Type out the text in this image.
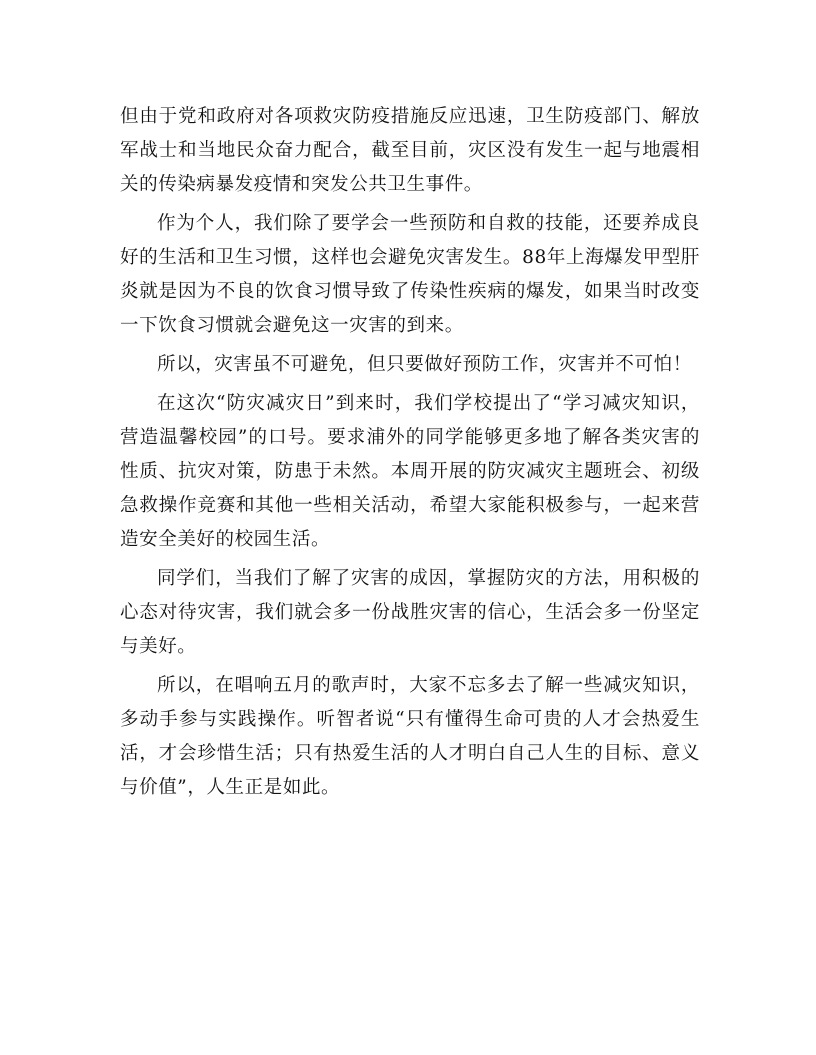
但由于党和政府对各项救灾防疫措施反应迅速，卫生防疫部门、解放军战士和当地民众奋力配合，截至目前，灾区没有发生一起与地震相关的传染病暴发疫情和突发公共卫生事件。

作为个人，我们除了要学会一些预防和自救的技能，还要养成良好的生活和卫生习惯，这样也会避免灾害发生。88年上海爆发甲型肝炎就是因为不良的饮食习惯导致了传染性疾病的爆发，如果当时改变一下饮食习惯就会避免这一灾害的到来。

所以，灾害虽不可避免，但只要做好预防工作，灾害并不可怕！

在这次“防灾减灾日”到来时，我们学校提出了“学习减灾知识，营造温馨校园”的口号。要求浦外的同学能够更多地了解各类灾害的性质、抗灾对策，防患于未然。本周开展的防灾减灾主题班会、初级急救操作竞赛和其他一些相关活动，希望大家能积极参与，一起来营造安全美好的校园生活。

同学们，当我们了解了灾害的成因，掌握防灾的方法，用积极的心态对待灾害，我们就会多一份战胜灾害的信心，生活会多一份坚定与美好。

所以，在唱响五月的歌声时，大家不忘多去了解一些减灾知识，多动手参与实践操作。听智者说“只有懂得生命可贵的人才会热爱生活，才会珍惜生活；只有热爱生活的人才明白自己人生的目标、意义与价值”，人生正是如此。
